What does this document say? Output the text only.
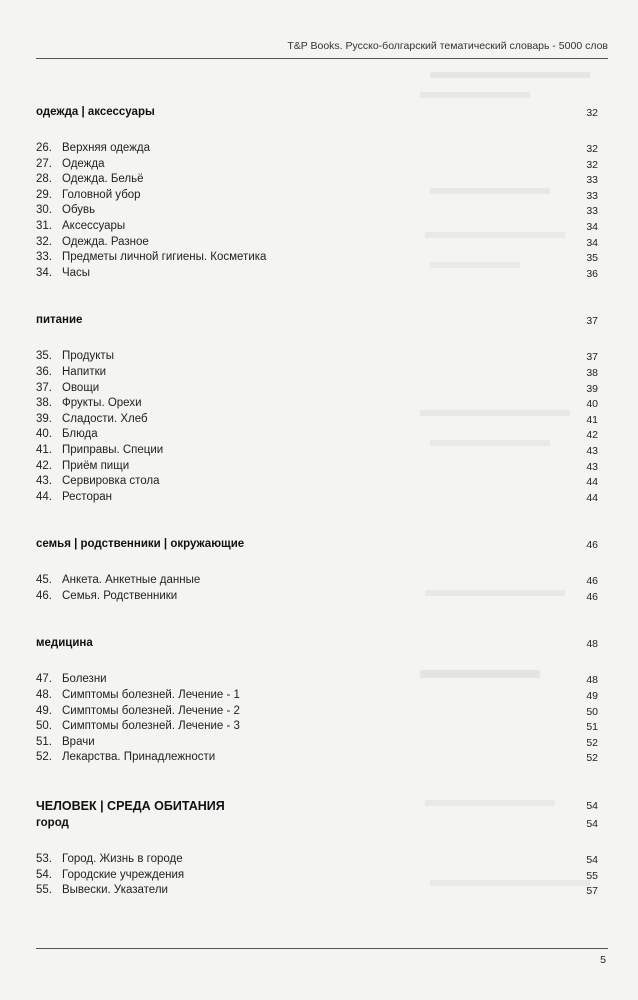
T&P Books. Русско-болгарский тематический словарь - 5000 слов
одежда | аксессуары	32
26. Верхняя одежда	32
27. Одежда	32
28. Одежда. Бельё	33
29. Головной убор	33
30. Обувь	33
31. Аксессуары	34
32. Одежда. Разное	34
33. Предметы личной гигиены. Косметика	35
34. Часы	36
питание	37
35. Продукты	37
36. Напитки	38
37. Овощи	39
38. Фрукты. Орехи	40
39. Сладости. Хлеб	41
40. Блюда	42
41. Приправы. Специи	43
42. Приём пищи	43
43. Сервировка стола	44
44. Ресторан	44
семья | родственники | окружающие	46
45. Анкета. Анкетные данные	46
46. Семья. Родственники	46
медицина	48
47. Болезни	48
48. Симптомы болезней. Лечение - 1	49
49. Симптомы болезней. Лечение - 2	50
50. Симптомы болезней. Лечение - 3	51
51. Врачи	52
52. Лекарства. Принадлежности	52
ЧЕЛОВЕК | СРЕДА ОБИТАНИЯ	54
город	54
53. Город. Жизнь в городе	54
54. Городские учреждения	55
55. Вывески. Указатели	57
5
